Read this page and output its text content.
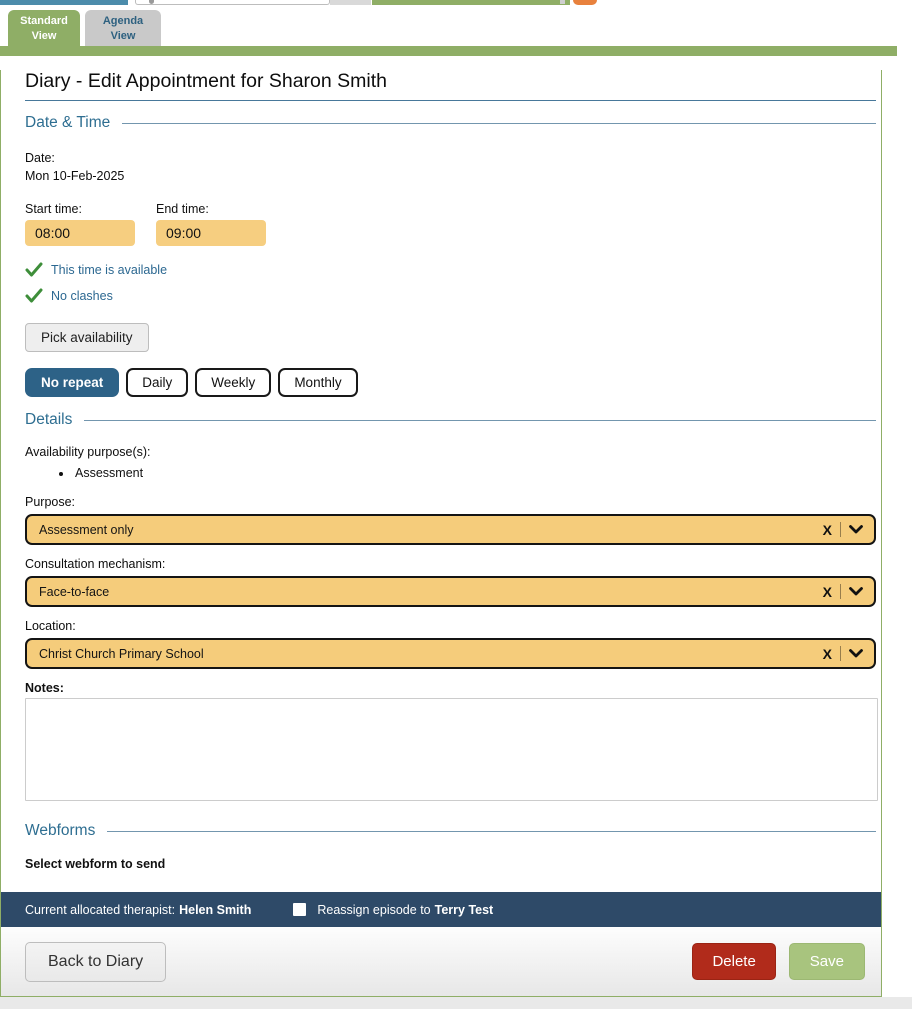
Standard
View
Agenda
View
Diary - Edit Appointment for Sharon Smith
Date & Time
Date:
Mon 10-Feb-2025
Start time:	End time:
08:00
09:00
This time is available
No clashes
Pick availability
No repeat	Daily	Weekly	Monthly
Details
Availability purpose(s):
• Assessment
Purpose:
Assessment only	X
Consultation mechanism:
Face-to-face	X
Location:
Christ Church Primary School	X
Notes:
Webforms
Select webform to send
Current allocated therapist: Helen Smith	Reassign episode to Terry Test
Back to Diary	Delete	Save
